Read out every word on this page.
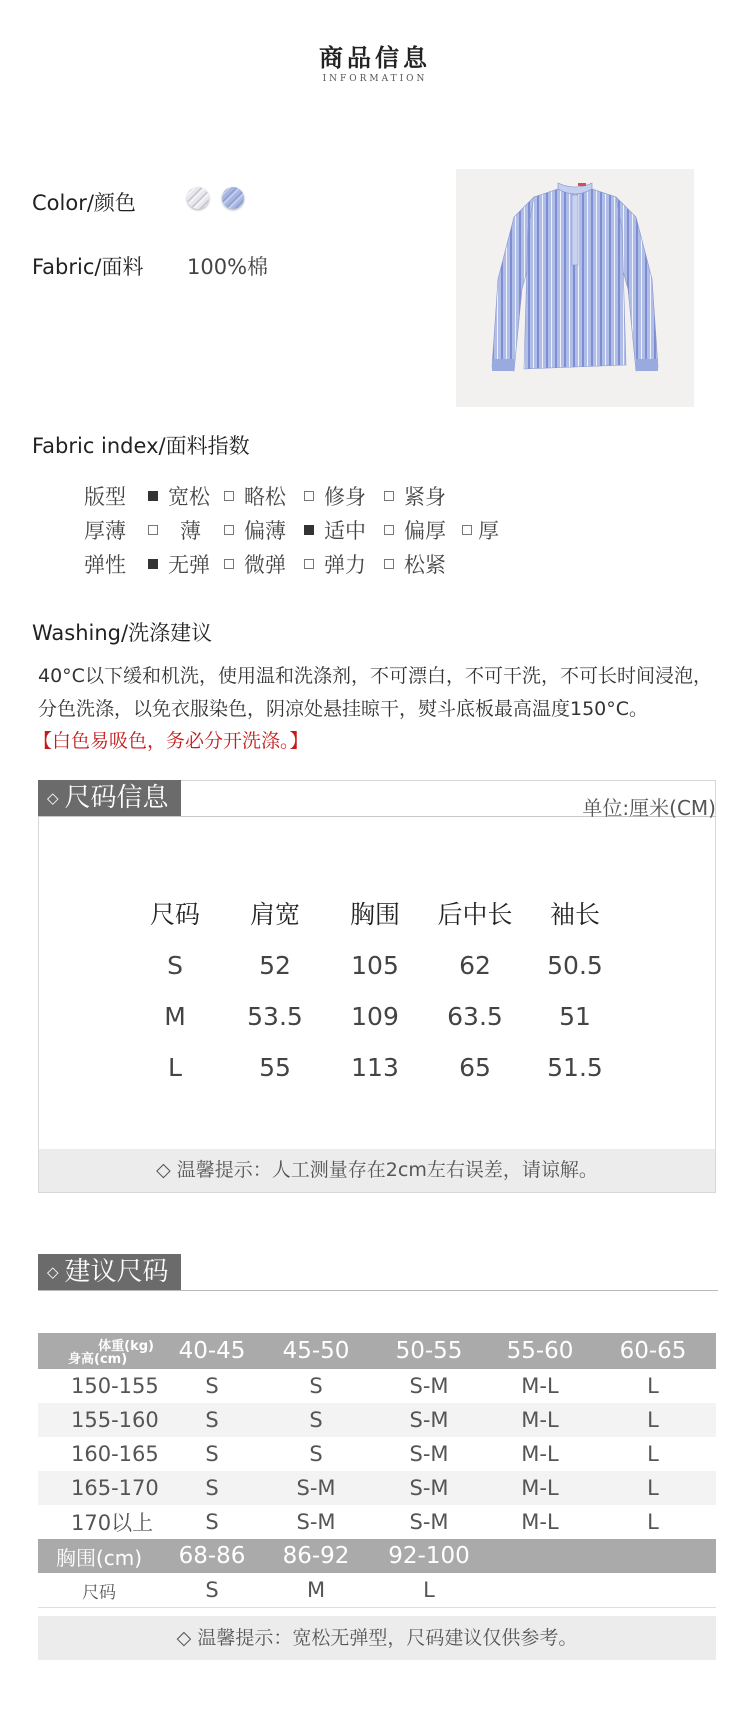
商品信息
INFORMATION
Color/颜色
Fabric/面料 100%棉
Fabric index/面料指数
版型	宽松	略松	修身	紧身
厚薄	薄	偏薄	适中	偏厚	厚
弹性	无弹	微弹	弹力	松紧
Washing/洗涤建议
40°C以下缓和机洗，使用温和洗涤剂，不可漂白，不可干洗，不可长时间浸泡，分色洗涤，以免衣服染色，阴凉处悬挂晾干，熨斗底板最高温度150°C。
【白色易吸色，务必分开洗涤。】
◇ 尺码信息	单位:厘米(CM)
尺码	肩宽	胸围	后中长	袖长
S	52	105	62	50.5
M	53.5	109	63.5	51
L	55	113	65	51.5
◇ 温馨提示：人工测量存在2cm左右误差，请谅解。
◇ 建议尺码
体重(kg)
身高(cm)	40-45	45-50	50-55	55-60	60-65
150-155	S	S	S-M	M-L	L
155-160	S	S	S-M	M-L	L
160-165	S	S	S-M	M-L	L
165-170	S	S-M	S-M	M-L	L
170以上	S	S-M	S-M	M-L	L
胸围(cm)	68-86	86-92	92-100		
尺码	S	M	L		
◇ 温馨提示：宽松无弹型，尺码建议仅供参考。
